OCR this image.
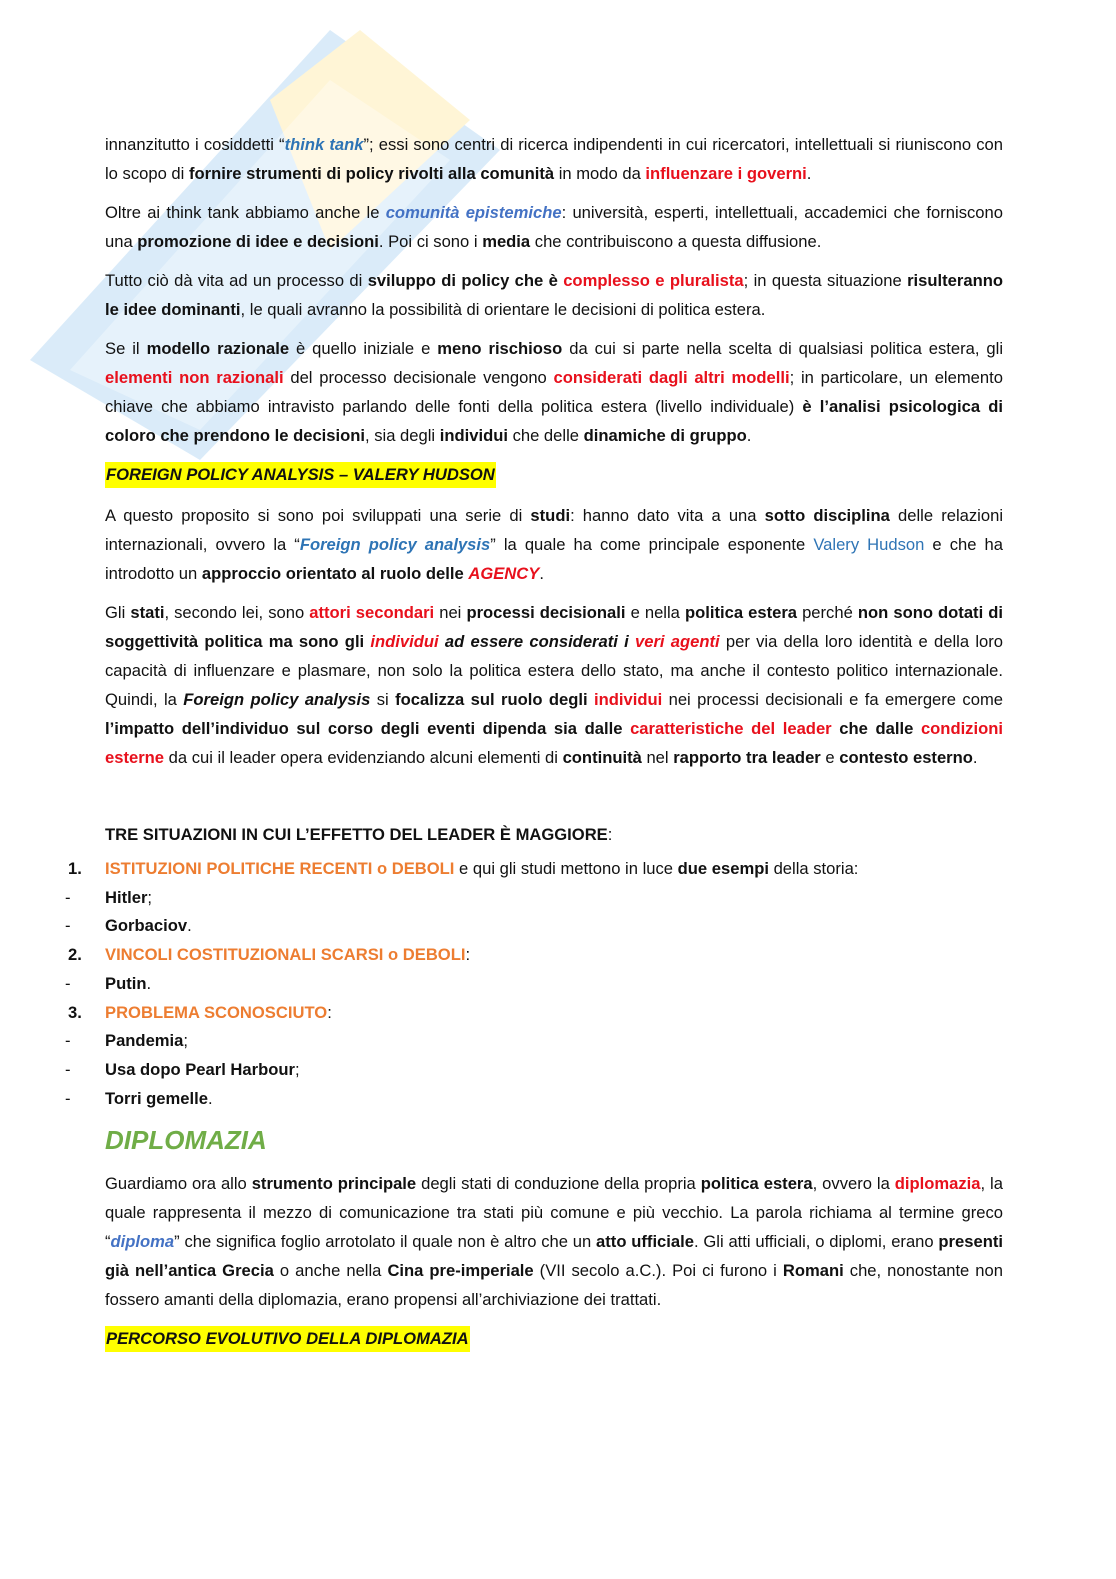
innanzitutto i cosiddetti “think tank”; essi sono centri di ricerca indipendenti in cui ricercatori, intellettuali si riuniscono con lo scopo di fornire strumenti di policy rivolti alla comunità in modo da influenzare i governi.

Oltre ai think tank abbiamo anche le comunità epistemiche: università, esperti, intellettuali, accademici che forniscono una promozione di idee e decisioni. Poi ci sono i media che contribuiscono a questa diffusione.

Tutto ciò dà vita ad un processo di sviluppo di policy che è complesso e pluralista; in questa situazione risulteranno le idee dominanti, le quali avranno la possibilità di orientare le decisioni di politica estera.

Se il modello razionale è quello iniziale e meno rischioso da cui si parte nella scelta di qualsiasi politica estera, gli elementi non razionali del processo decisionale vengono considerati dagli altri modelli; in particolare, un elemento chiave che abbiamo intravisto parlando delle fonti della politica estera (livello individuale) è l’analisi psicologica di coloro che prendono le decisioni, sia degli individui che delle dinamiche di gruppo.

FOREIGN POLICY ANALYSIS – VALERY HUDSON

A questo proposito si sono poi sviluppati una serie di studi: hanno dato vita a una sotto disciplina delle relazioni internazionali, ovvero la “Foreign policy analysis” la quale ha come principale esponente Valery Hudson e che ha introdotto un approccio orientato al ruolo delle AGENCY.

Gli stati, secondo lei, sono attori secondari nei processi decisionali e nella politica estera perché non sono dotati di soggettività politica ma sono gli individui ad essere considerati i veri agenti per via della loro identità e della loro capacità di influenzare e plasmare, non solo la politica estera dello stato, ma anche il contesto politico internazionale. Quindi, la Foreign policy analysis si focalizza sul ruolo degli individui nei processi decisionali e fa emergere come l’impatto dell’individuo sul corso degli eventi dipenda sia dalle caratteristiche del leader che dalle condizioni esterne da cui il leader opera evidenziando alcuni elementi di continuità nel rapporto tra leader e contesto esterno.

TRE SITUAZIONI IN CUI L’EFFETTO DEL LEADER È MAGGIORE:

1.	ISTITUZIONI POLITICHE RECENTI o DEBOLI e qui gli studi mettono in luce due esempi della storia:
-	Hitler;
-	Gorbaciov.
2.	VINCOLI COSTITUZIONALI SCARSI o DEBOLI:
-	Putin.
3.	PROBLEMA SCONOSCIUTO:
-	Pandemia;
-	Usa dopo Pearl Harbour;
-	Torri gemelle.
DIPLOMAZIA

Guardiamo ora allo strumento principale degli stati di conduzione della propria politica estera, ovvero la diplomazia, la quale rappresenta il mezzo di comunicazione tra stati più comune e più vecchio. La parola richiama al termine greco “diploma” che significa foglio arrotolato il quale non è altro che un atto ufficiale. Gli atti ufficiali, o diplomi, erano presenti già nell’antica Grecia o anche nella Cina pre-imperiale (VII secolo a.C.). Poi ci furono i Romani che, nonostante non fossero amanti della diplomazia, erano propensi all’archiviazione dei trattati.

PERCORSO EVOLUTIVO DELLA DIPLOMAZIA
